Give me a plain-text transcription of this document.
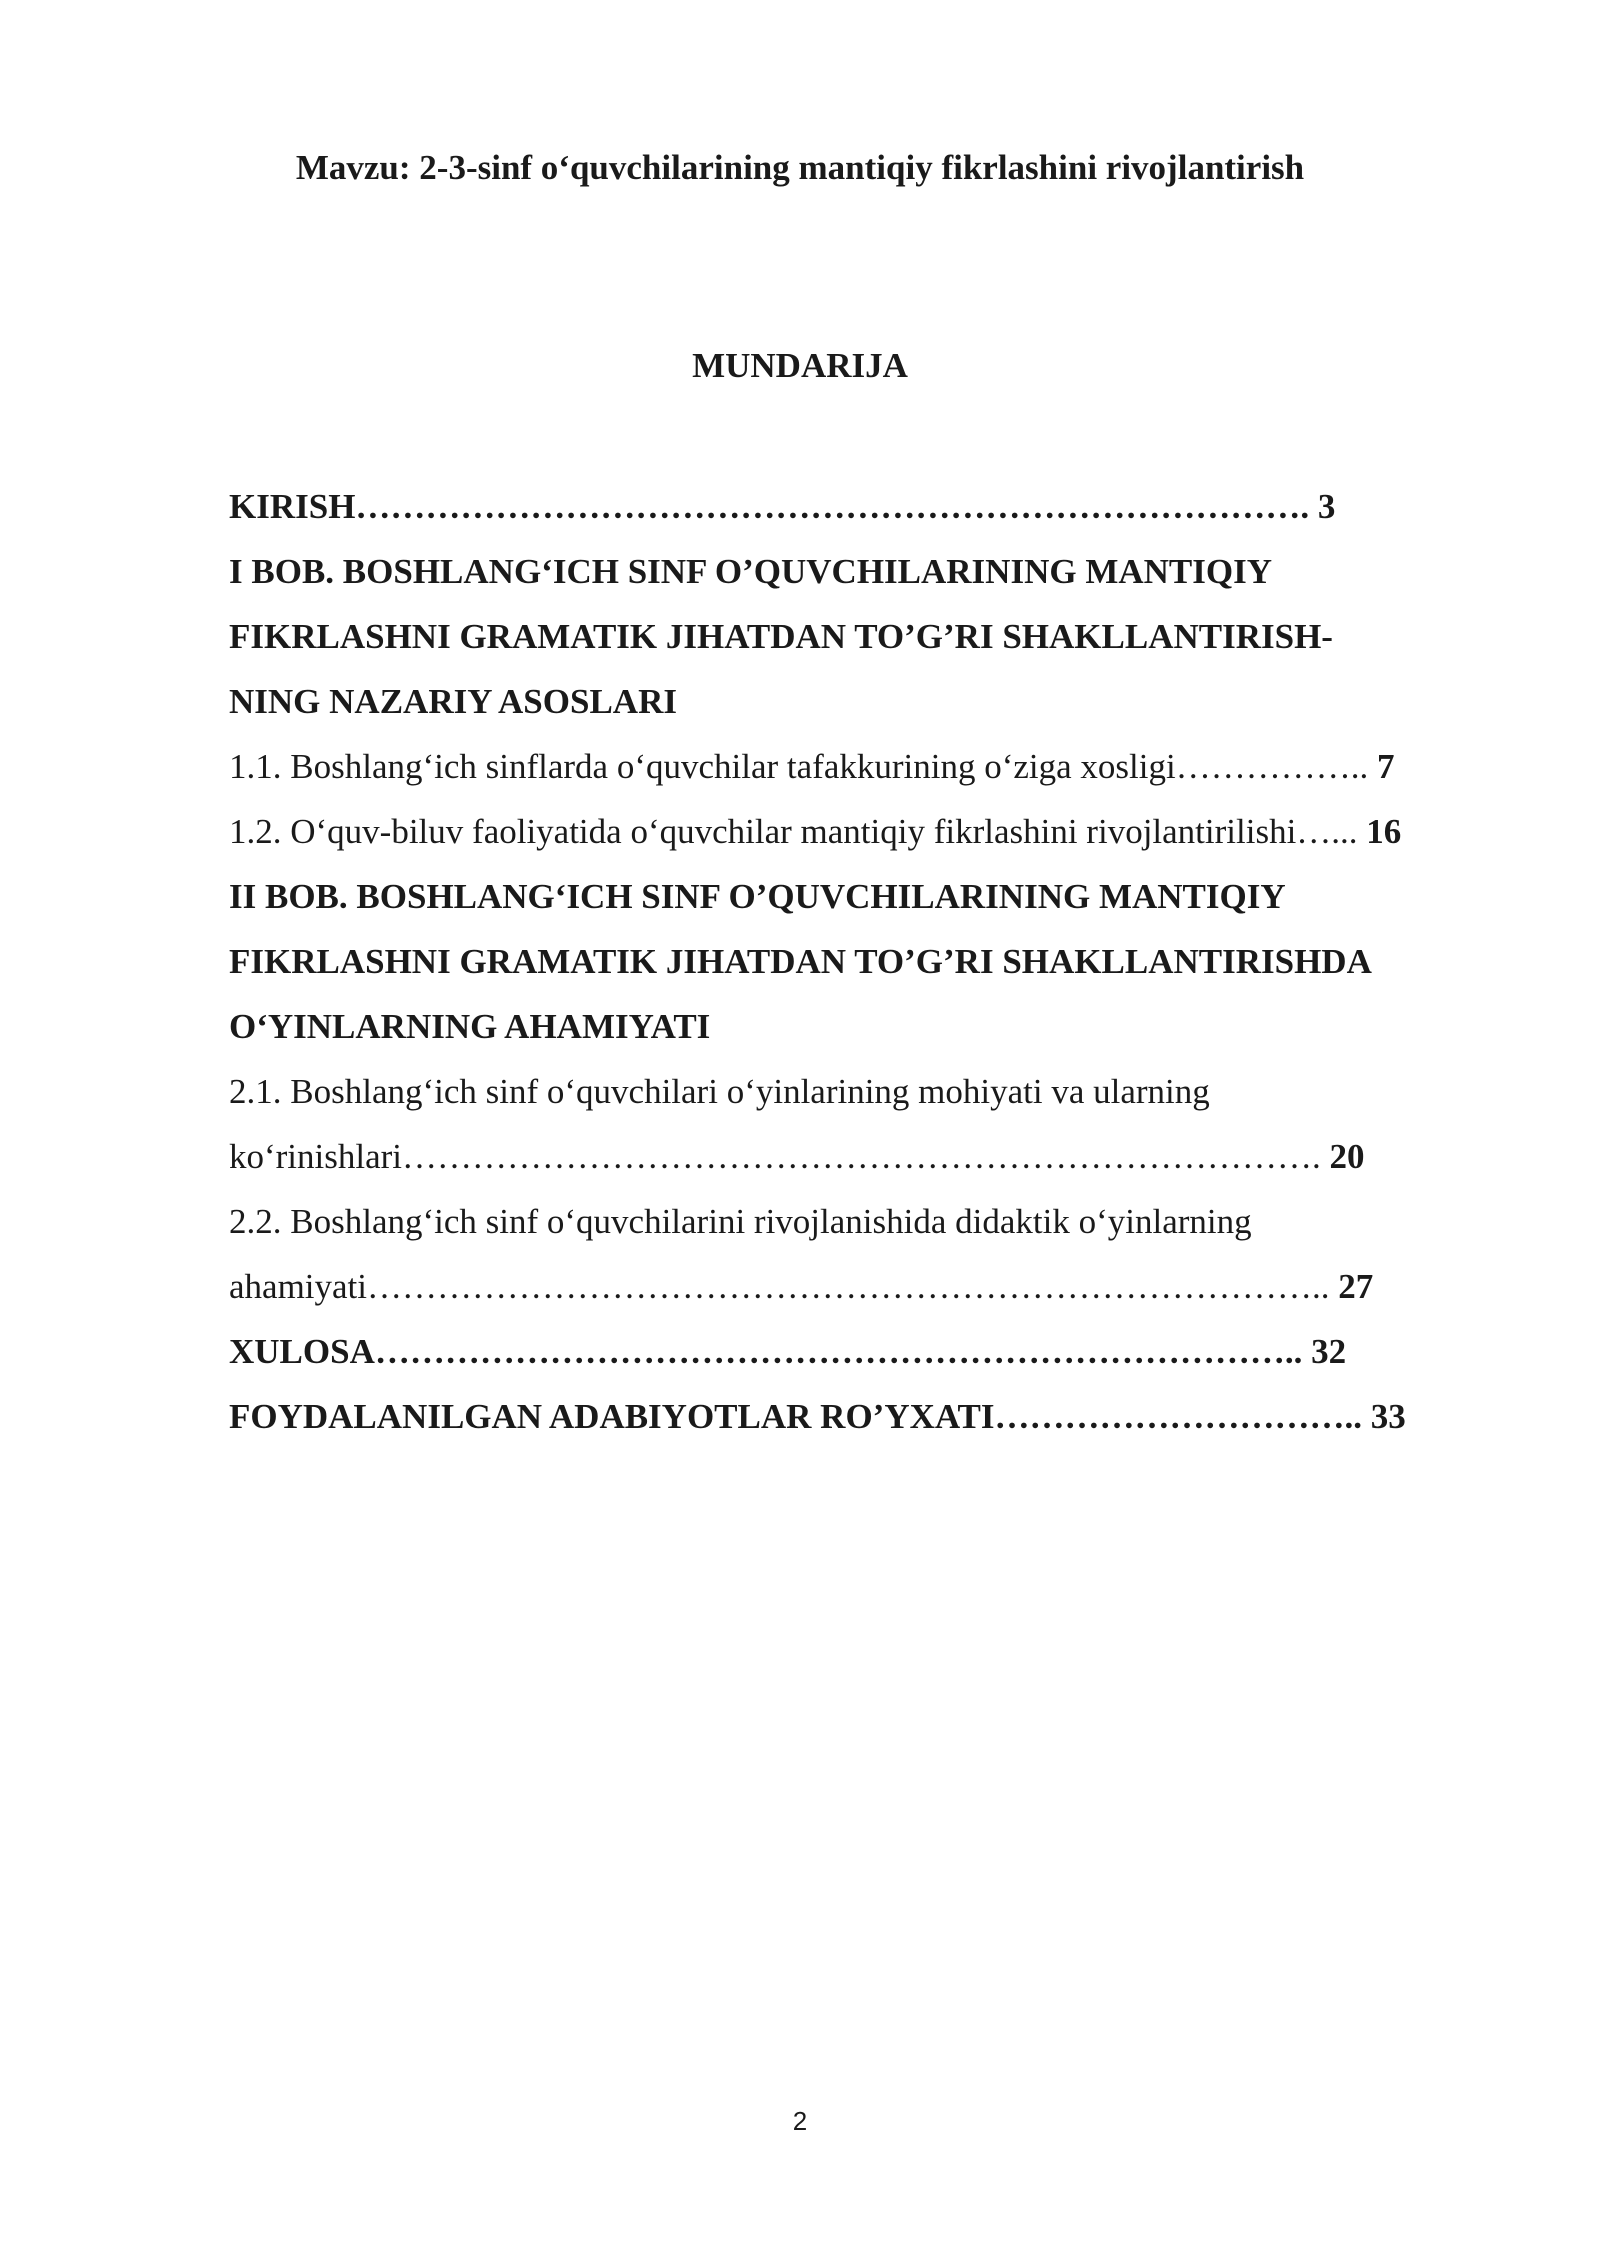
Mavzu: 2-3-sinf o‘quvchilarining mantiqiy fikrlashini rivojlantirish
MUNDARIJA
KIRISH………………………………………………………………………. 3
I BOB. BOSHLANG‘ICH SINF O’QUVCHILARINING MANTIQIY
FIKRLASHNI GRAMATIK JIHATDAN TO’G’RI SHAKLLANTIRISH-
NING NAZARIY ASOSLARI
1.1. Boshlang‘ich sinflarda o‘quvchilar tafakkurining o‘ziga xosligi…………….. 7
1.2. O‘quv-biluv faoliyatida o‘quvchilar mantiqiy fikrlashini rivojlantirilishi…... 16
II BOB. BOSHLANG‘ICH SINF O’QUVCHILARINING MANTIQIY
FIKRLASHNI GRAMATIK JIHATDAN TO’G’RI SHAKLLANTIRISHDA
O‘YINLARNING AHAMIYATI
2.1. Boshlang‘ich sinf o‘quvchilari o‘yinlarining mohiyati va ularning
ko‘rinishlari……………………………………………………………………. 20
2.2. Boshlang‘ich sinf o‘quvchilarini rivojlanishida didaktik o‘yinlarning
ahamiyati……………………………………………………………………….. 27
XULOSA…………………………………………………………………….. 32
FOYDALANILGAN ADABIYOTLAR RO’YXATI………………………….. 33
2
